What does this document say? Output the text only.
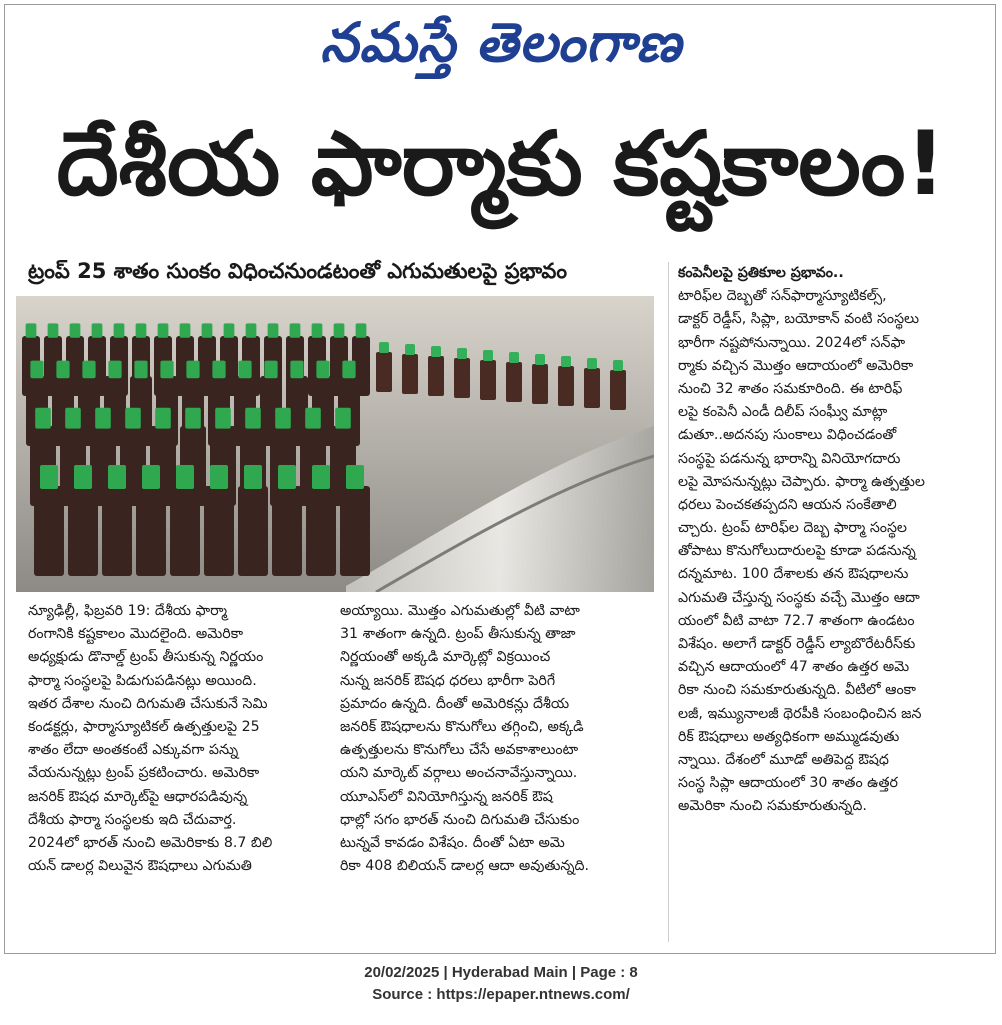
నమస్తే తెలంగాణ
దేశీయ ఫార్మాకు కష్టకాలం!
ట్రంప్ 25 శాతం సుంకం విధించనుండటంతో ఎగుమతులపై ప్రభావం
న్యూఢిల్లీ, ఫిబ్రవరి 19: దేశీయ ఫార్మా
రంగానికి కష్టకాలం మొదలైంది. అమెరికా
అధ్యక్షుడు డొనాల్డ్ ట్రంప్ తీసుకున్న నిర్ణయం
ఫార్మా సంస్థలపై పిడుగుపడినట్లు అయింది.
ఇతర దేశాల నుంచి దిగుమతి చేసుకునే సెమి
కండక్టర్లు, ఫార్మాస్యూటికల్ ఉత్పత్తులపై 25
శాతం లేదా అంతకంటే ఎక్కువగా పన్ను
వేయనున్నట్లు ట్రంప్ ప్రకటించారు. అమెరికా
జనరిక్ ఔషధ మార్కెట్‌పై ఆధారపడివున్న
దేశీయ ఫార్మా సంస్థలకు ఇది చేదువార్త.
2024లో భారత్ నుంచి అమెరికాకు 8.7 బిలి
యన్ డాలర్ల విలువైన ఔషధాలు ఎగుమతి
అయ్యాయి. మొత్తం ఎగుమతుల్లో వీటి వాటా
31 శాతంగా ఉన్నది. ట్రంప్ తీసుకున్న తాజా
నిర్ణయంతో అక్కడి మార్కెట్లో విక్రయించ
నున్న జనరిక్ ఔషధ ధరలు భారీగా పెరిగే
ప్రమాదం ఉన్నది. దీంతో అమెరికన్లు దేశీయ
జనరిక్ ఔషధాలను కొనుగోలు తగ్గించి, అక్కడి
ఉత్పత్తులను కొనుగోలు చేసే అవకాశాలుంటా
యని మార్కెట్ వర్గాలు అంచనావేస్తున్నాయి.
యూఎస్‌లో వినియోగిస్తున్న జనరిక్ ఔష
ధాల్లో సగం భారత్ నుంచి దిగుమతి చేసుకుం
టున్నవే కావడం విశేషం. దీంతో ఏటా అమె
రికా 408 బిలియన్ డాలర్ల ఆదా అవుతున్నది.
కంపెనీలపై ప్రతికూల ప్రభావం..
టారిఫ్‌ల దెబ్బతో సన్‌ఫార్మాస్యూటికల్స్,
డాక్టర్ రెడ్డీస్, సిప్లా, బయోకాన్ వంటి సంస్థలు
భారీగా నష్టపోనున్నాయి. 2024లో సన్‌ఫా
ర్మాకు వచ్చిన మొత్తం ఆదాయంలో అమెరికా
నుంచి 32 శాతం సమకూరింది. ఈ టారిఫ్
లపై కంపెనీ ఎండీ దిలీప్ సంఘ్వీ మాట్లా
డుతూ..అదనపు సుంకాలు విధించడంతో
సంస్థపై పడనున్న భారాన్ని వినియోగదారు
లపై మోపనున్నట్లు చెప్పారు. ఫార్మా ఉత్పత్తుల
ధరలు పెంచకతప్పదని ఆయన సంకేతాలి
చ్చారు. ట్రంప్ టారిఫ్‌ల దెబ్బ ఫార్మా సంస్థల
తోపాటు కొనుగోలుదారులపై కూడా పడనున్న
దన్నమాట. 100 దేశాలకు తన ఔషధాలను
ఎగుమతి చేస్తున్న సంస్థకు వచ్చే మొత్తం ఆదా
యంలో వీటి వాటా 72.7 శాతంగా ఉండటం
విశేషం. అలాగే డాక్టర్ రెడ్డీస్ ల్యాబొరేటరీస్‌కు
వచ్చిన ఆదాయంలో 47 శాతం ఉత్తర అమె
రికా నుంచి సమకూరుతున్నది. వీటిలో ఆంకా
లజీ, ఇమ్యునాలజీ థెరపీకి సంబంధించిన జన
రిక్ ఔషధాలు అత్యధికంగా అమ్ముడవుతు
న్నాయి. దేశంలో మూడో అతిపెద్ద ఔషధ
సంస్థ సిప్లా ఆదాయంలో 30 శాతం ఉత్తర
అమెరికా నుంచి సమకూరుతున్నది.
20/02/2025 | Hyderabad Main | Page : 8
Source : https://epaper.ntnews.com/
